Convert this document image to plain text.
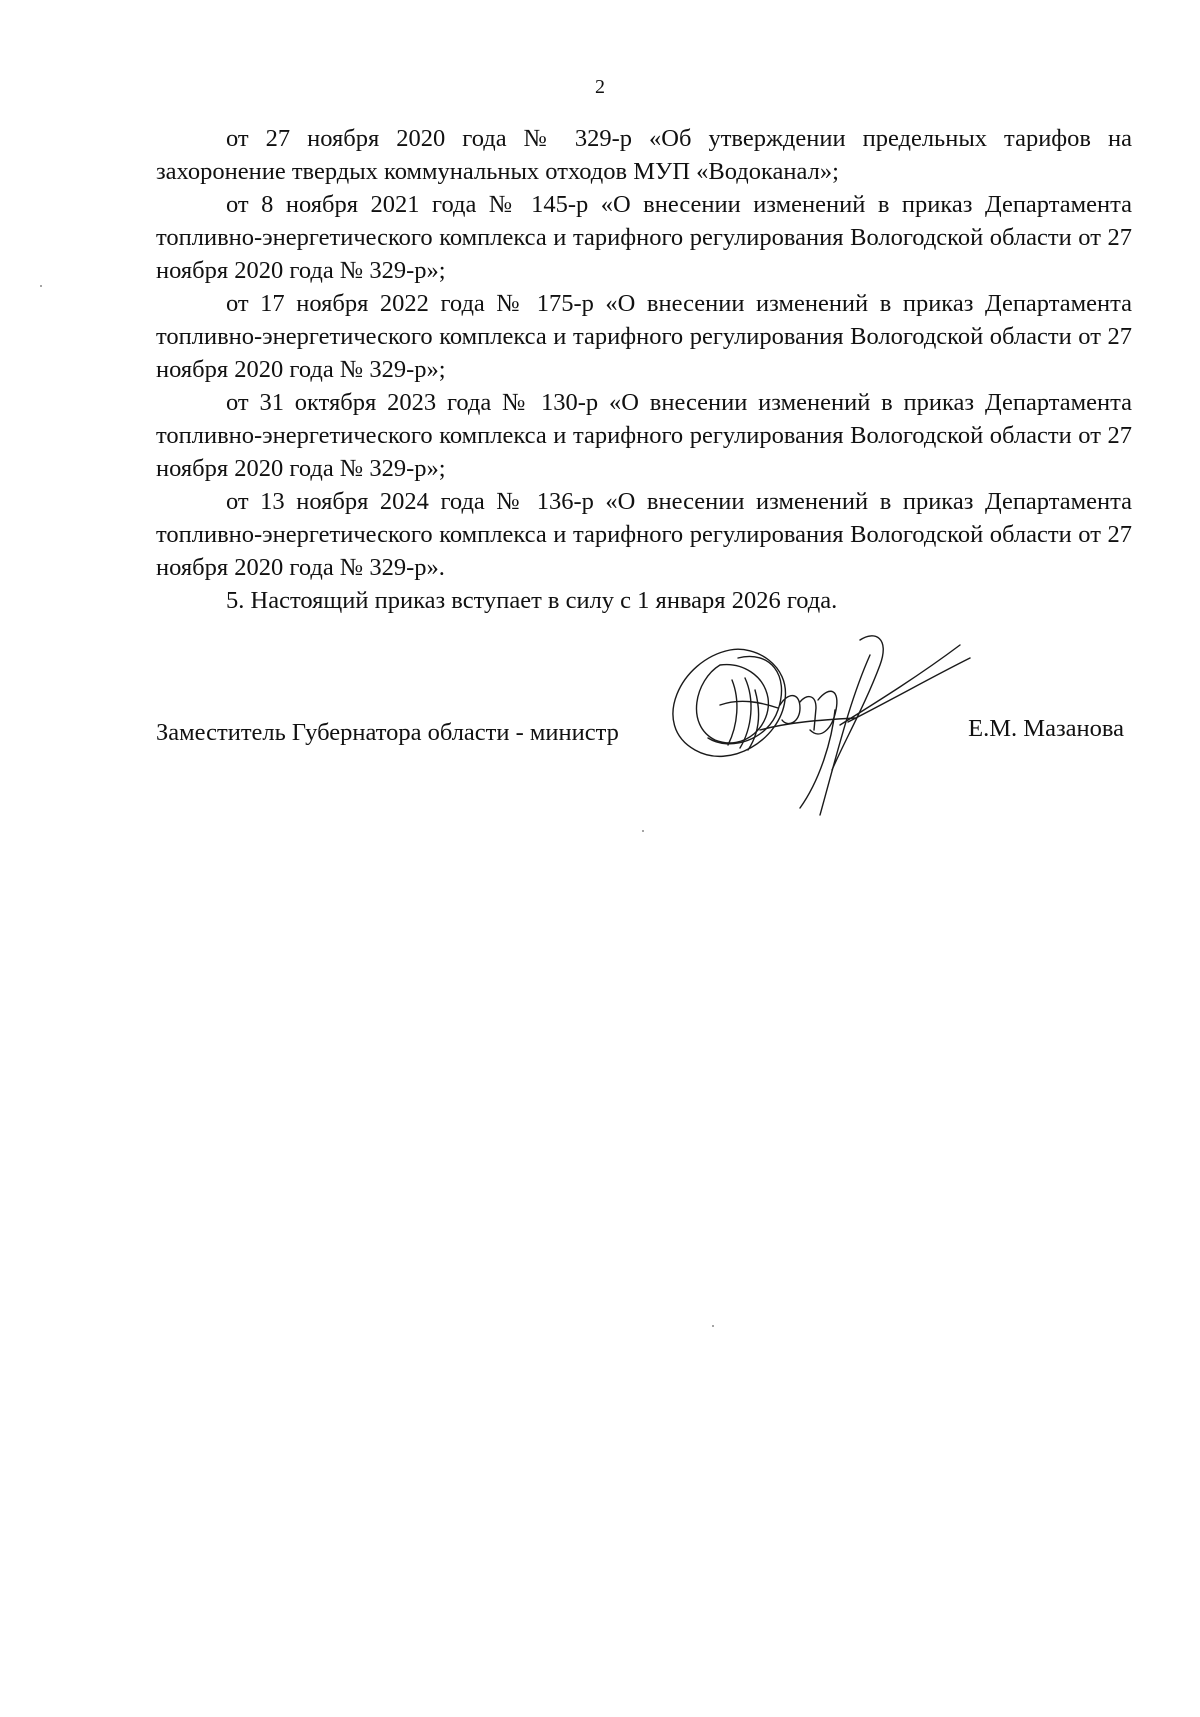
2

от 27 ноября 2020 года № 329-р «Об утверждении предельных тарифов на захоронение твердых коммунальных отходов МУП «Водоканал»;

от 8 ноября 2021 года № 145-р «О внесении изменений в приказ Департамента топливно-энергетического комплекса и тарифного регулирования Вологодской области от 27 ноября 2020 года № 329-р»;

от 17 ноября 2022 года № 175-р «О внесении изменений в приказ Департамента топливно-энергетического комплекса и тарифного регулирования Вологодской области от 27 ноября 2020 года № 329-р»;

от 31 октября 2023 года № 130-р «О внесении изменений в приказ Департамента топливно-энергетического комплекса и тарифного регулирования Вологодской области от 27 ноября 2020 года № 329-р»;

от 13 ноября 2024 года № 136-р «О внесении изменений в приказ Департамента топливно-энергетического комплекса и тарифного регулирования Вологодской области от 27 ноября 2020 года № 329-р».

5. Настоящий приказ вступает в силу с 1 января 2026 года.

Заместитель Губернатора области - министр	Е.М. Мазанова
